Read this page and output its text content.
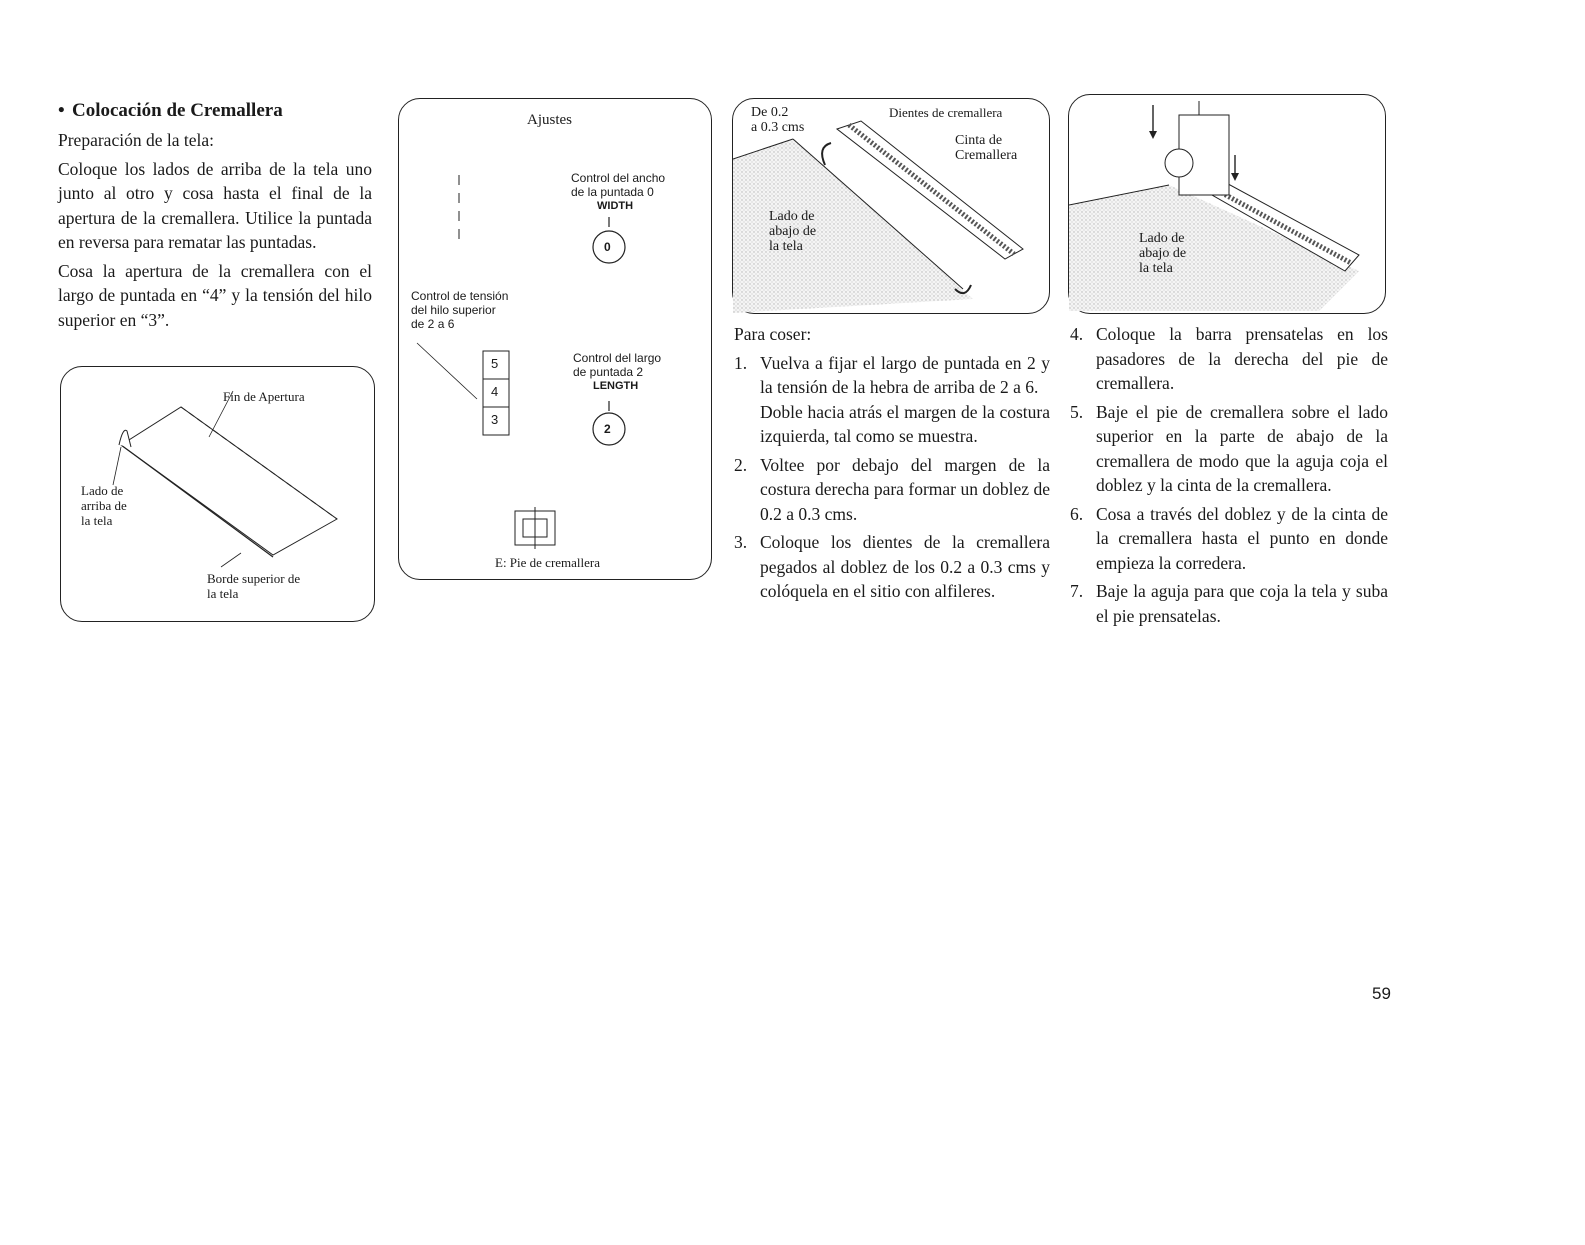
• Colocación de Cremallera

Preparación de la tela:

Coloque los lados de arriba de la tela uno junto al otro y cosa hasta el final de la apertura de la cremallera. Utilice la puntada en reversa para rematar las puntadas.

Cosa la apertura de la cremallera con el largo de puntada en “4” y la tensión del hilo superior en “3”.

Fin de Apertura
Lado de
arriba de
la tela
Borde superior de
la tela
Ajustes
Control del ancho
de la puntada 0
WIDTH
0
Control de tensión
del hilo superior
de 2 a 6
5
4
3
Control del largo
de puntada 2
LENGTH
2
E: Pie de cremallera
De 0.2
a 0.3 cms
Dientes de cremallera
Cinta de
Cremallera
Lado de
abajo de
la tela
Lado de
abajo de
la tela

Para coser:

1. Vuelva a fijar el largo de puntada en 2 y la tensión de la hebra de arriba de 2 a 6.
Doble hacia atrás el margen de la costura izquierda, tal como se muestra.
2. Voltee por debajo del margen de la costura derecha para formar un doblez de 0.2 a 0.3 cms.
3. Coloque los dientes de la cremallera pegados al doblez de los 0.2 a 0.3 cms y colóquela en el sitio con alfileres.
4. Coloque la barra prensatelas en los pasadores de la derecha del pie de cremallera.
5. Baje el pie de cremallera sobre el lado superior en la parte de abajo de la cremallera de modo que la aguja coja el doblez y la cinta de la cremallera.
6. Cosa a través del doblez y de la cinta de la cremallera hasta el punto en donde empieza la corredera.
7. Baje la aguja para que coja la tela y suba el pie prensatelas.
59
